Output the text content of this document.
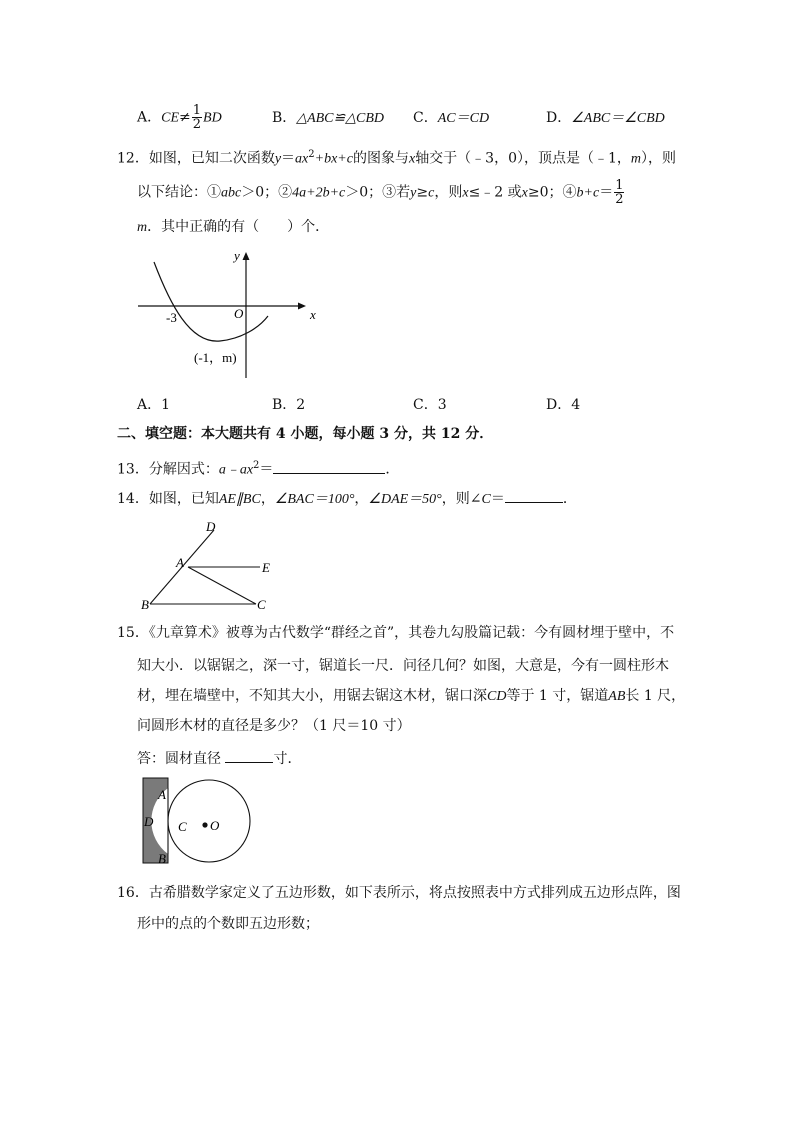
A．$CE\ne \frac{1}{2}$ BD	B．△ABC≌△CBD C．AC＝CD	D．∠ABC＝∠CBD
12．如图，已知二次函数$y=ax^2+bx+c$的图象与x轴交于（﹣3，0），顶点是（﹣1，m），则
以下结论：①abc＞0；②4a+2b+c＞0；③若y≥c，则x≤﹣2 或x≥0；④b+c＝ $\frac{1}{2}$
m．其中正确的有（　　）个．
x
y
O
-3
(-1，m)
A．1	B．2	C．3	D．4
二、填空题：本大题共有 4 小题，每小题 3 分，共 12 分．
13．分解因式：$a﹣ax^2=$	．
14．如图，已知AE∥BC，∠BAC＝100°，∠DAE＝50°，则∠C＝	．
D
A	E
B	C
15．《九章算术》被尊为古代数学“群经之首”，其卷九勾股篇记载：今有圆材埋于壁中，不
知大小．以锯锯之，深一寸，锯道长一尺．问径几何？如图，大意是，今有一圆柱形木
材，埋在墙壁中，不知其大小，用锯去锯这木材，锯口深CD等于 1 寸，锯道AB长 1 尺，
问圆形木材的直径是多少？（1 尺＝10 寸）
答：圆材直径	寸．
A
D C O
B
16．古希腊数学家定义了五边形数，如下表所示，将点按照表中方式排列成五边形点阵，图
形中的点的个数即五边形数；
